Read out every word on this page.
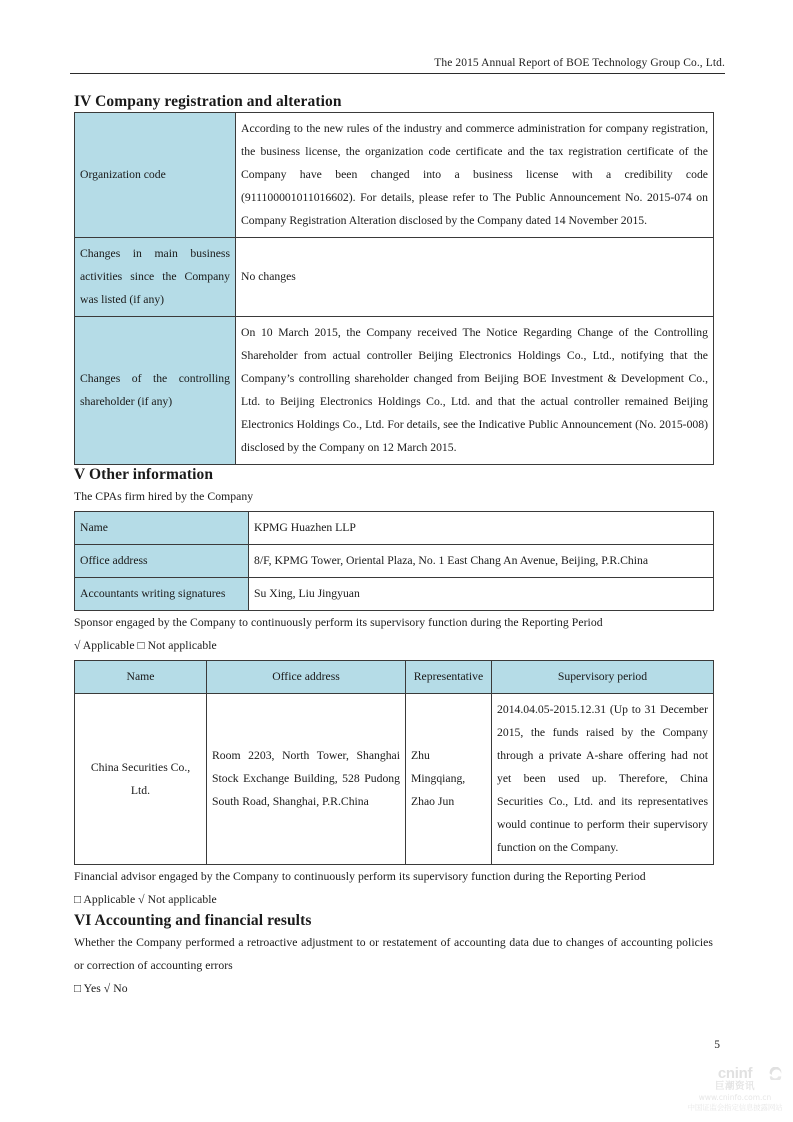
The 2015 Annual Report of BOE Technology Group Co., Ltd.
IV Company registration and alteration
Organization code	According to the new rules of the industry and commerce administration for company registration, the business license, the organization code certificate and the tax registration certificate of the Company have been changed into a business license with a credibility code (911100001011016602). For details, please refer to The Public Announcement No. 2015-074 on Company Registration Alteration disclosed by the Company dated 14 November 2015.
Changes in main business activities since the Company was listed (if any)	No changes
Changes of the controlling shareholder (if any)	On 10 March 2015, the Company received The Notice Regarding Change of the Controlling Shareholder from actual controller Beijing Electronics Holdings Co., Ltd., notifying that the Company’s controlling shareholder changed from Beijing BOE Investment & Development Co., Ltd. to Beijing Electronics Holdings Co., Ltd. and that the actual controller remained Beijing Electronics Holdings Co., Ltd. For details, see the Indicative Public Announcement (No. 2015-008) disclosed by the Company on 12 March 2015.
V Other information

The CPAs firm hired by the Company

Name	KPMG Huazhen LLP
Office address	8/F, KPMG Tower, Oriental Plaza, No. 1 East Chang An Avenue, Beijing, P.R.China
Accountants writing signatures	Su Xing, Liu Jingyuan

Sponsor engaged by the Company to continuously perform its supervisory function during the Reporting Period

√ Applicable □ Not applicable

Name	Office address	Representative	Supervisory period
China Securities Co., Ltd.	Room 2203, North Tower, Shanghai Stock Exchange Building, 528 Pudong South Road, Shanghai, P.R.China	Zhu Mingqiang, Zhao Jun	2014.04.05-2015.12.31 (Up to 31 December 2015, the funds raised by the Company through a private A-share offering had not yet been used up. Therefore, China Securities Co., Ltd. and its representatives would continue to perform their supervisory function on the Company.

Financial advisor engaged by the Company to continuously perform its supervisory function during the Reporting Period

□ Applicable √ Not applicable

VI Accounting and financial results

Whether the Company performed a retroactive adjustment to or restatement of accounting data due to changes of accounting policies or correction of accounting errors

□ Yes √ No

5
cninf
巨潮资讯
www.cninfo.com.cn
中国证监会指定信息披露网站
